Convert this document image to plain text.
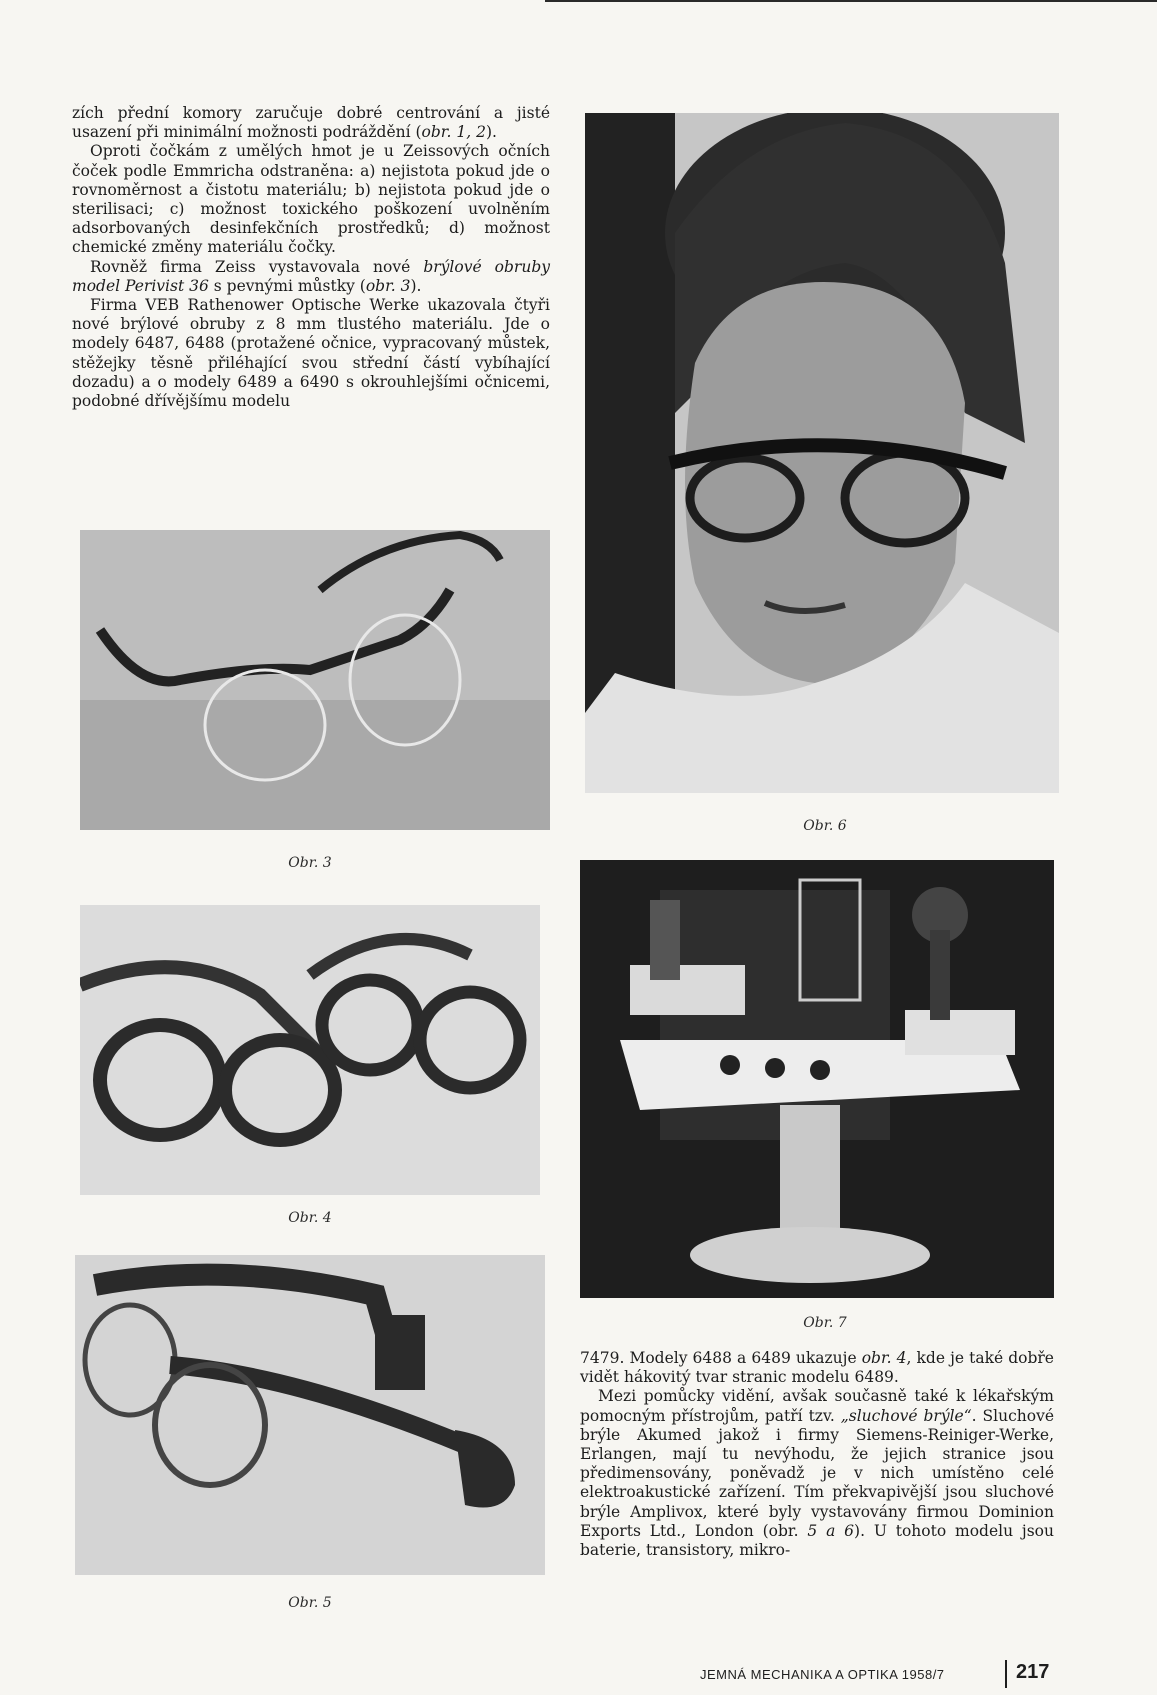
zích přední komory zaručuje dobré centrování a jisté usazení při minimální možnosti podráždění (obr. 1, 2).

Oproti čočkám z umělých hmot je u Zeissových očních čoček podle Emmricha odstraněna: a) nejistota pokud jde o rovnoměrnost a čistotu materiálu; b) nejistota pokud jde o sterilisaci; c) možnost toxického poškození uvolněním adsorbovaných desinfekčních prostředků; d) možnost chemické změny materiálu čočky.

Rovněž firma Zeiss vystavovala nové brýlové obruby model Perivist 36 s pevnými můstky (obr. 3).

Firma VEB Rathenower Optische Werke ukazovala čtyři nové brýlové obruby z 8 mm tlustého materiálu. Jde o modely 6487, 6488 (protažené očnice, vypracovaný můstek, stěžejky těsně přiléhající svou střední částí vybíhající dozadu) a o modely 6489 a 6490 s okrouhlejšími očnicemi, podobné dřívějšímu modelu

Obr. 6
Obr. 3
Obr. 7
Obr. 4
Obr. 5

7479. Modely 6488 a 6489 ukazuje obr. 4, kde je také dobře vidět hákovitý tvar stranic modelu 6489.

Mezi pomůcky vidění, avšak současně také k lékařským pomocným přístrojům, patří tzv. „sluchové brýle“. Sluchové brýle Akumed jakož i firmy Siemens-Reiniger-Werke, Erlangen, mají tu nevýhodu, že jejich stranice jsou předimensovány, poněvadž je v nich umístěno celé elektroakustické zařízení. Tím překvapivější jsou sluchové brýle Amplivox, které byly vystavovány firmou Dominion Exports Ltd., London (obr. 5 a 6). U tohoto modelu jsou baterie, transistory, mikro-

JEMNÁ MECHANIKA A OPTIKA 1958/7	217
